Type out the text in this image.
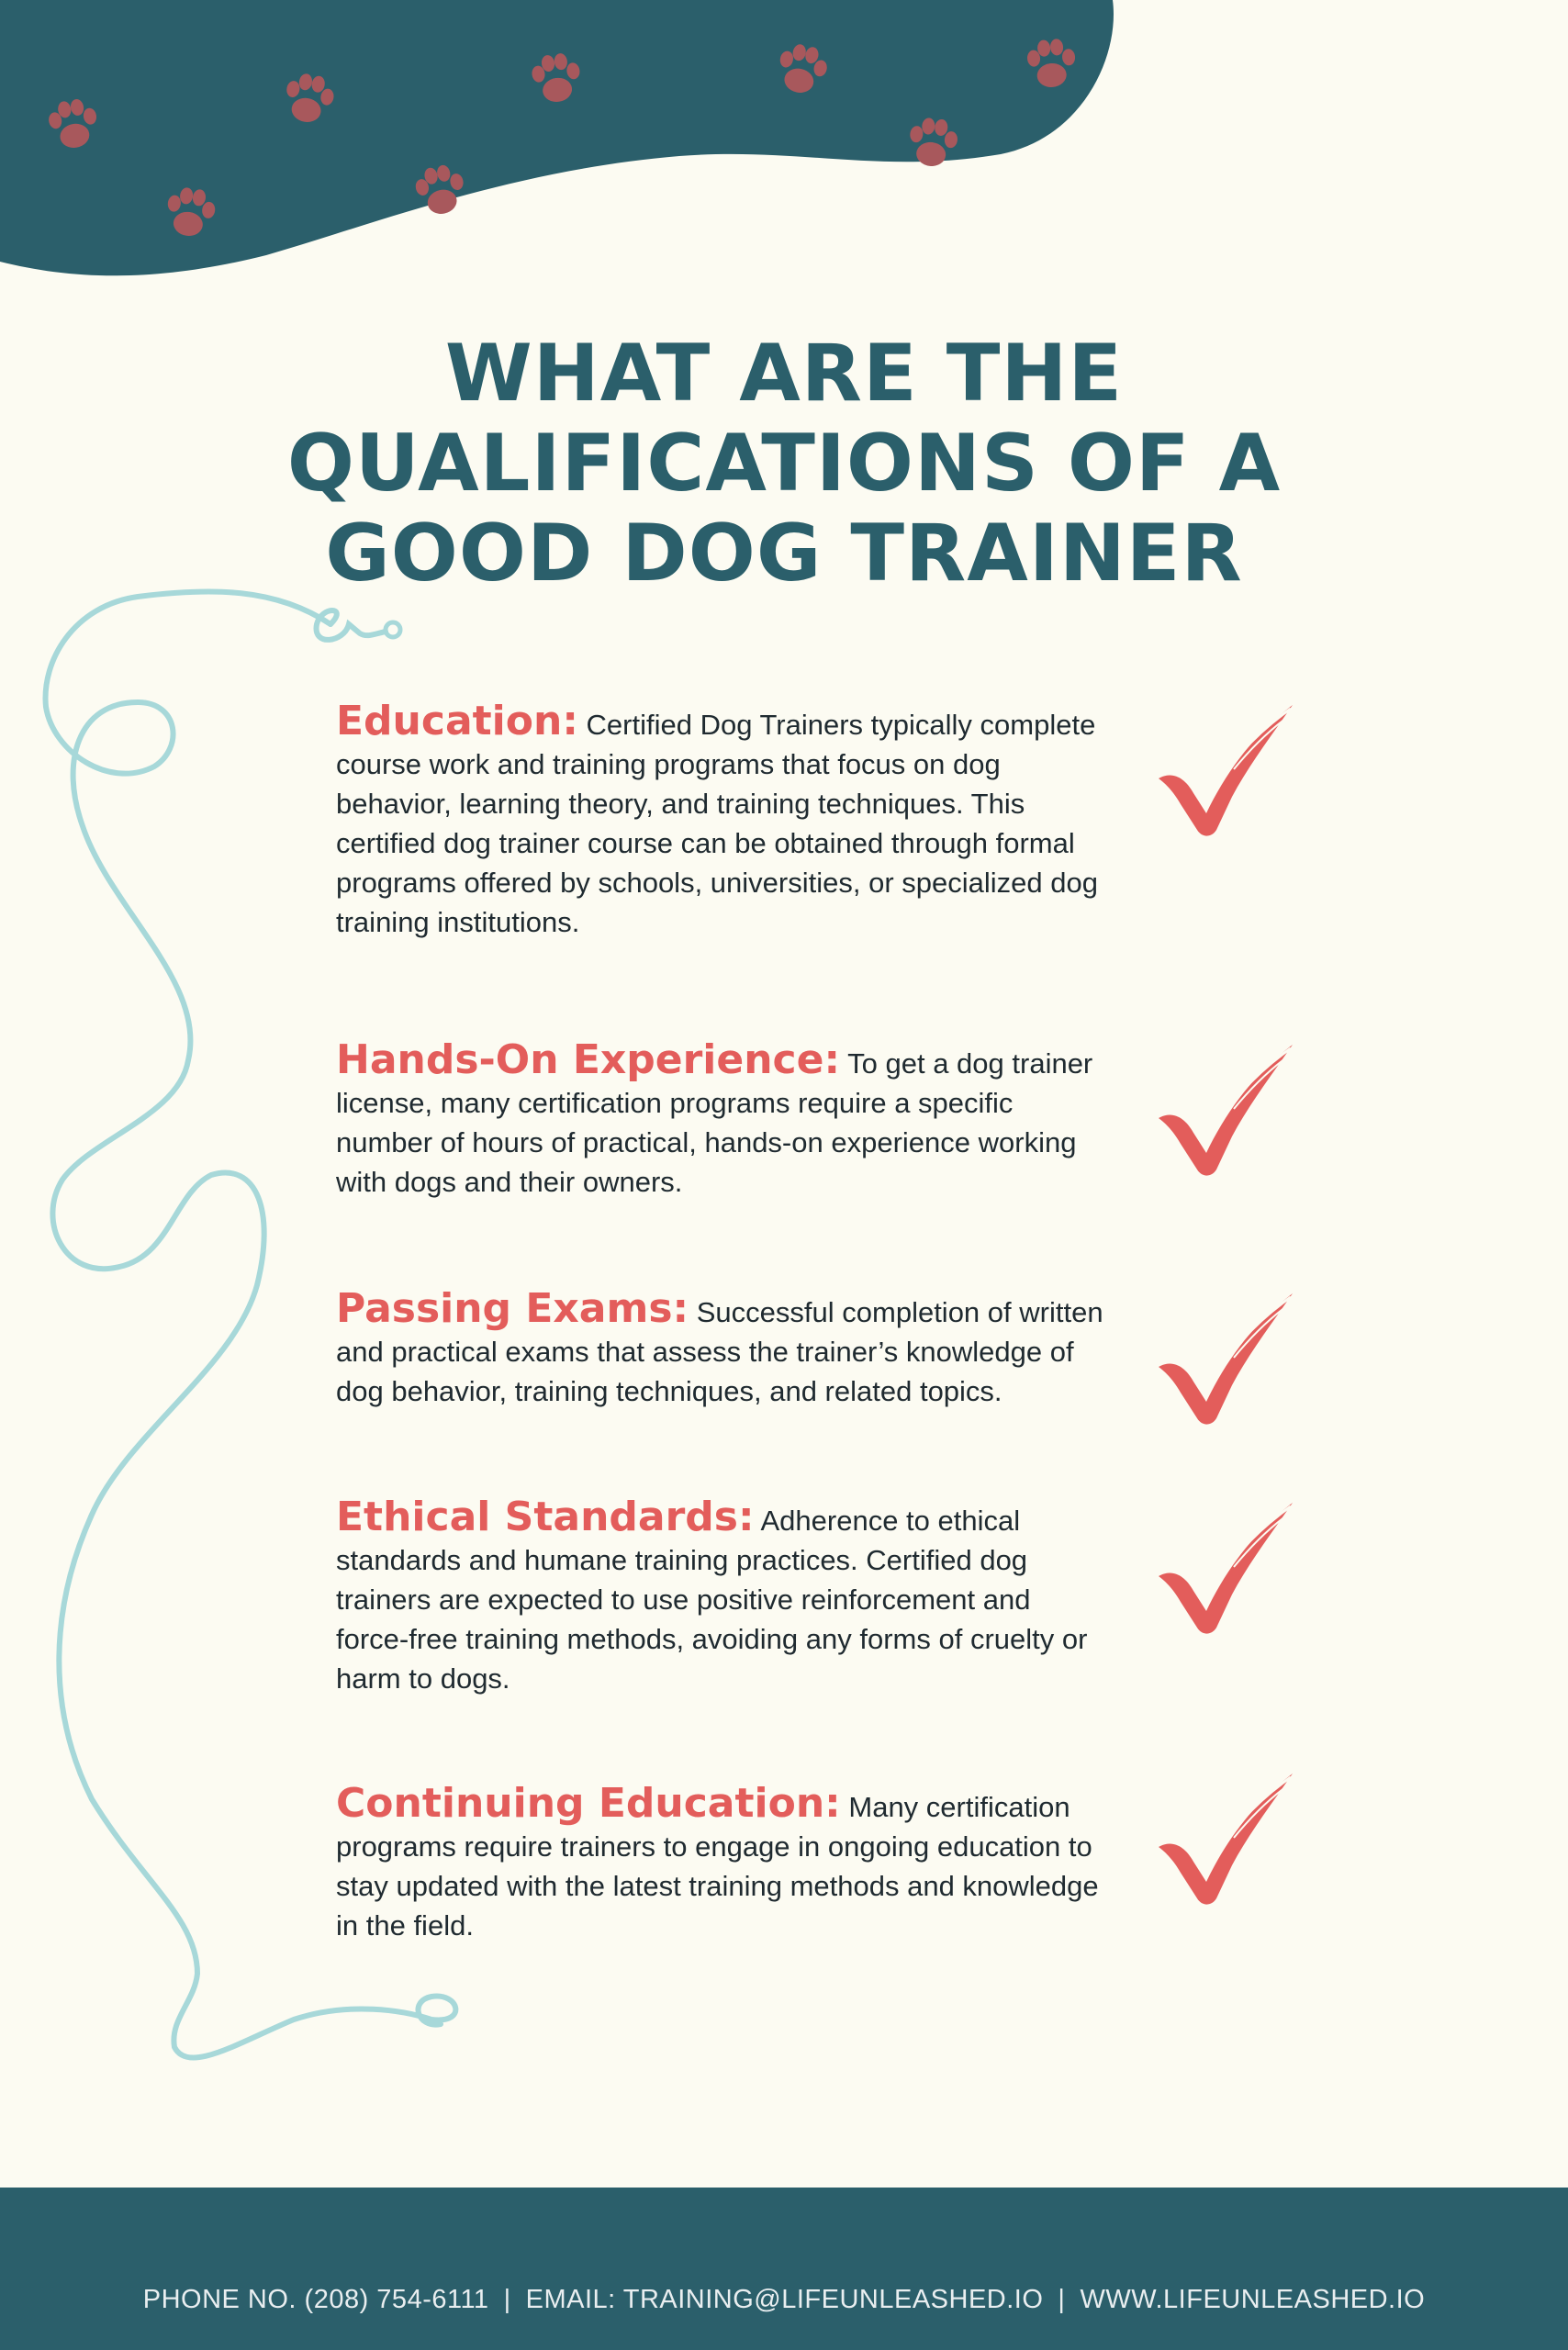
WHAT ARE THE
QUALIFICATIONS OF A
GOOD DOG TRAINER

Education: Certified Dog Trainers typically complete course work and training programs that focus on dog behavior, learning theory, and training techniques. This certified dog trainer course can be obtained through formal programs offered by schools, universities, or specialized dog training institutions.

Hands-On Experience: To get a dog trainer license, many certification programs require a specific number of hours of practical, hands-on experience working with dogs and their owners.

Passing Exams: Successful completion of written and practical exams that assess the trainer’s knowledge of dog behavior, training techniques, and related topics.

Ethical Standards: Adherence to ethical standards and humane training practices. Certified dog trainers are expected to use positive reinforcement and force-free training methods, avoiding any forms of cruelty or harm to dogs.

Continuing Education: Many certification programs require trainers to engage in ongoing education to stay updated with the latest training methods and knowledge in the field.

PHONE NO. (208) 754-6111 | EMAIL: TRAINING@LIFEUNLEASHED.IO | WWW.LIFEUNLEASHED.IO
